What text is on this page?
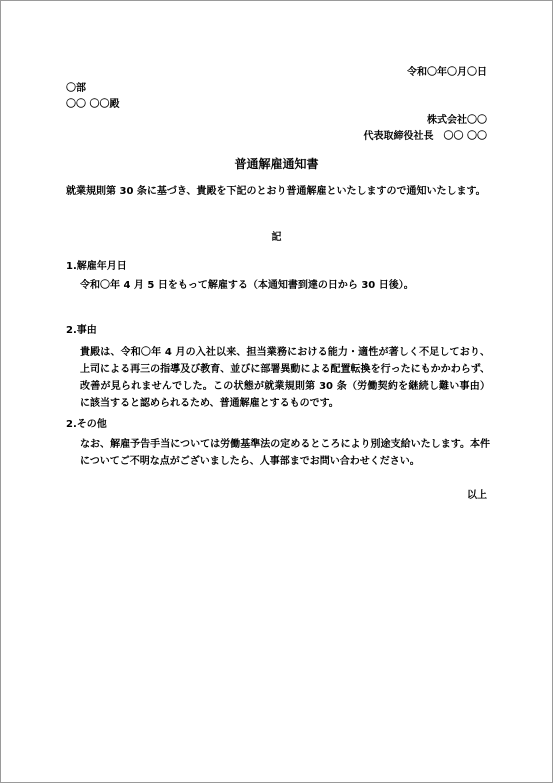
令和〇年〇月〇日
〇部
〇〇 〇〇殿
株式会社〇〇
代表取締役社長　〇〇 〇〇
普通解雇通知書
就業規則第 30 条に基づき、貴殿を下記のとおり普通解雇といたしますので通知いたします。
記
1.解雇年月日
令和〇年 4 月 5 日をもって解雇する（本通知書到達の日から 30 日後）。
2.事由
貴殿は、令和〇年 4 月の入社以来、担当業務における能力・適性が著しく不足しており、上司による再三の指導及び教育、並びに部署異動による配置転換を行ったにもかかわらず、改善が見られませんでした。この状態が就業規則第 30 条（労働契約を継続し難い事由）に該当すると認められるため、普通解雇とするものです。
2.その他
なお、解雇予告手当については労働基準法の定めるところにより別途支給いたします。本件についてご不明な点がございましたら、人事部までお問い合わせください。
以上
